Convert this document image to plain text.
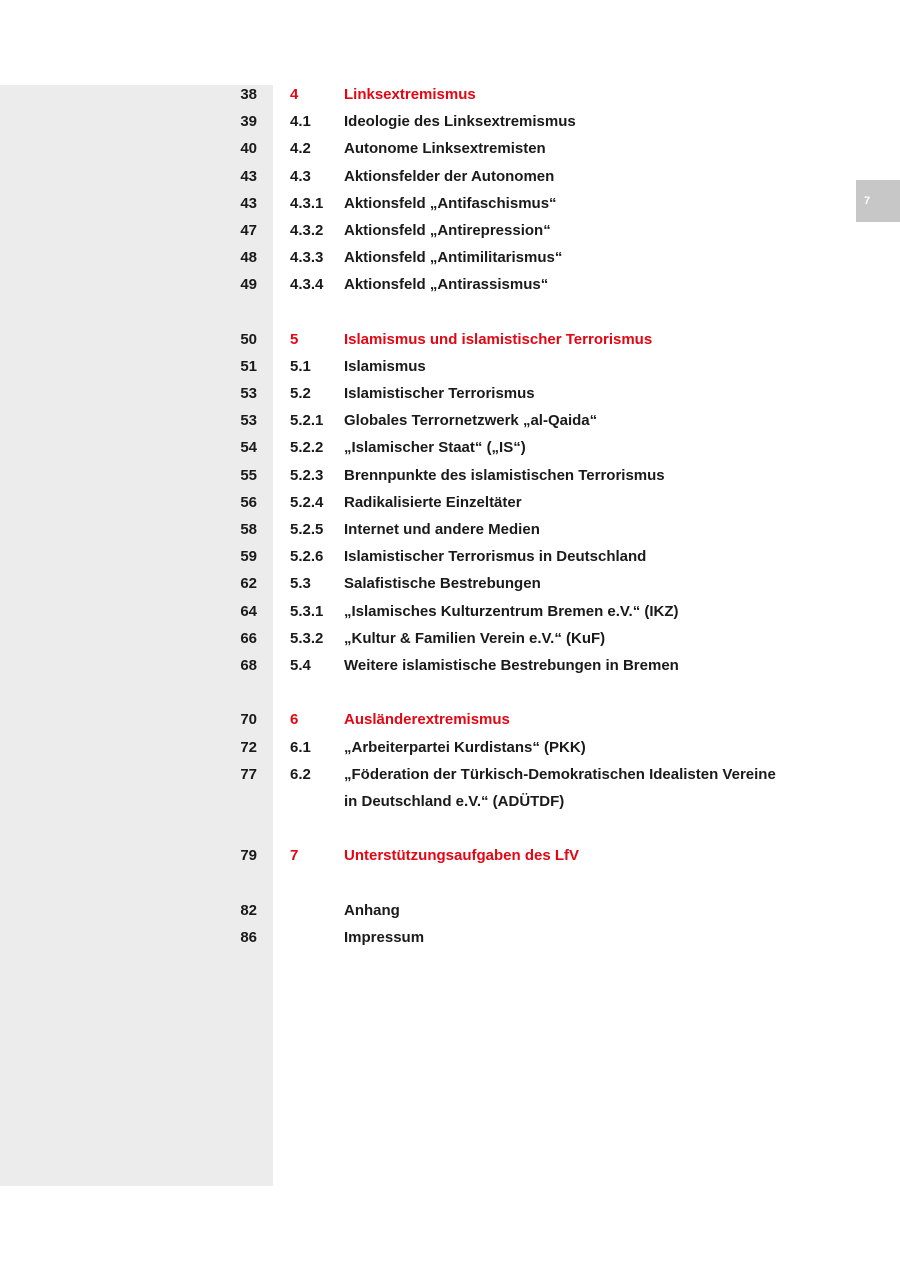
7
38 4	Linksextremismus
39 4.1 Ideologie des Linksextremismus
40 4.2 Autonome Linksextremisten
43 4.3 Aktionsfelder der Autonomen
43 4.3.1 Aktionsfeld „Antifaschismus“
47 4.3.2 Aktionsfeld „Antirepression“
48 4.3.3 Aktionsfeld „Antimilitarismus“
49 4.3.4 Aktionsfeld „Antirassismus“
50 5	Islamismus und islamistischer Terrorismus
51 5.1 Islamismus
53 5.2 Islamistischer Terrorismus
53 5.2.1 Globales Terrornetzwerk „al-Qaida“
54 5.2.2 „Islamischer Staat“ („IS“)
55 5.2.3 Brennpunkte des islamistischen Terrorismus
56 5.2.4 Radikalisierte Einzeltäter
58 5.2.5 Internet und andere Medien
59 5.2.6 Islamistischer Terrorismus in Deutschland
62 5.3 Salafistische Bestrebungen
64 5.3.1 „Islamisches Kulturzentrum Bremen e.V.“ (IKZ)
66 5.3.2 „Kultur & Familien Verein e.V.“ (KuF)
68 5.4 Weitere islamistische Bestrebungen in Bremen
70 6	Ausländerextremismus
72 6.1 „Arbeiterpartei Kurdistans“ (PKK)
77 6.2 „Föderation der Türkisch-Demokratischen Idealisten Vereine
in Deutschland e.V.“ (ADÜTDF)
79 7	Unterstützungsaufgaben des LfV
82	Anhang
86	Impressum
